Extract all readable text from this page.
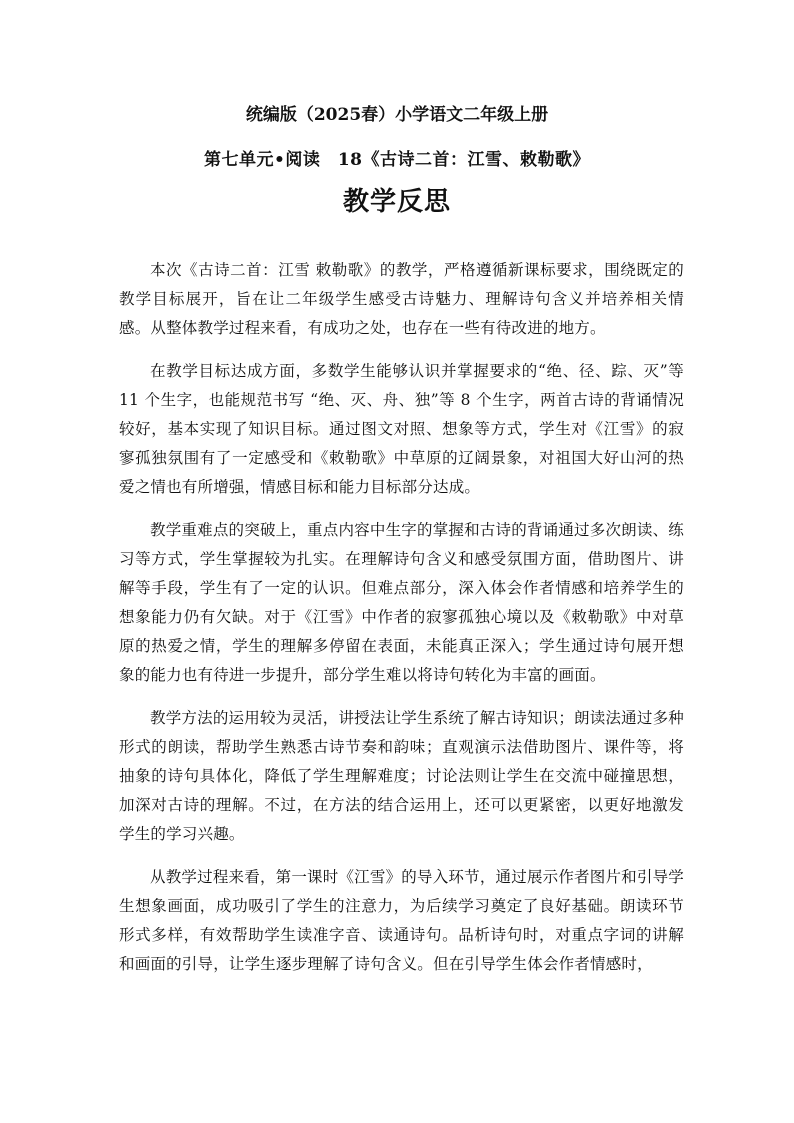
统编版（2025春）小学语文二年级上册
第七单元•阅读　18《古诗二首：江雪、敕勒歌》
教学反思

本次《古诗二首：江雪 敕勒歌》的教学，严格遵循新课标要求，围绕既定的教学目标展开，旨在让二年级学生感受古诗魅力、理解诗句含义并培养相关情感。从整体教学过程来看，有成功之处，也存在一些有待改进的地方。

在教学目标达成方面，多数学生能够认识并掌握要求的“绝、径、踪、灭”等 11 个生字，也能规范书写 “绝、灭、舟、独”等 8 个生字，两首古诗的背诵情况较好，基本实现了知识目标。通过图文对照、想象等方式，学生对《江雪》的寂寥孤独氛围有了一定感受和《敕勒歌》中草原的辽阔景象，对祖国大好山河的热爱之情也有所增强，情感目标和能力目标部分达成。

教学重难点的突破上，重点内容中生字的掌握和古诗的背诵通过多次朗读、练习等方式，学生掌握较为扎实。在理解诗句含义和感受氛围方面，借助图片、讲解等手段，学生有了一定的认识。但难点部分，深入体会作者情感和培养学生的想象能力仍有欠缺。对于《江雪》中作者的寂寥孤独心境以及《敕勒歌》中对草原的热爱之情，学生的理解多停留在表面，未能真正深入；学生通过诗句展开想象的能力也有待进一步提升，部分学生难以将诗句转化为丰富的画面。

教学方法的运用较为灵活，讲授法让学生系统了解古诗知识；朗读法通过多种形式的朗读，帮助学生熟悉古诗节奏和韵味；直观演示法借助图片、课件等，将抽象的诗句具体化，降低了学生理解难度；讨论法则让学生在交流中碰撞思想，加深对古诗的理解。不过，在方法的结合运用上，还可以更紧密，以更好地激发学生的学习兴趣。

从教学过程来看，第一课时《江雪》的导入环节，通过展示作者图片和引导学生想象画面，成功吸引了学生的注意力，为后续学习奠定了良好基础。朗读环节形式多样，有效帮助学生读准字音、读通诗句。品析诗句时，对重点字词的讲解和画面的引导，让学生逐步理解了诗句含义。但在引导学生体会作者情感时，
